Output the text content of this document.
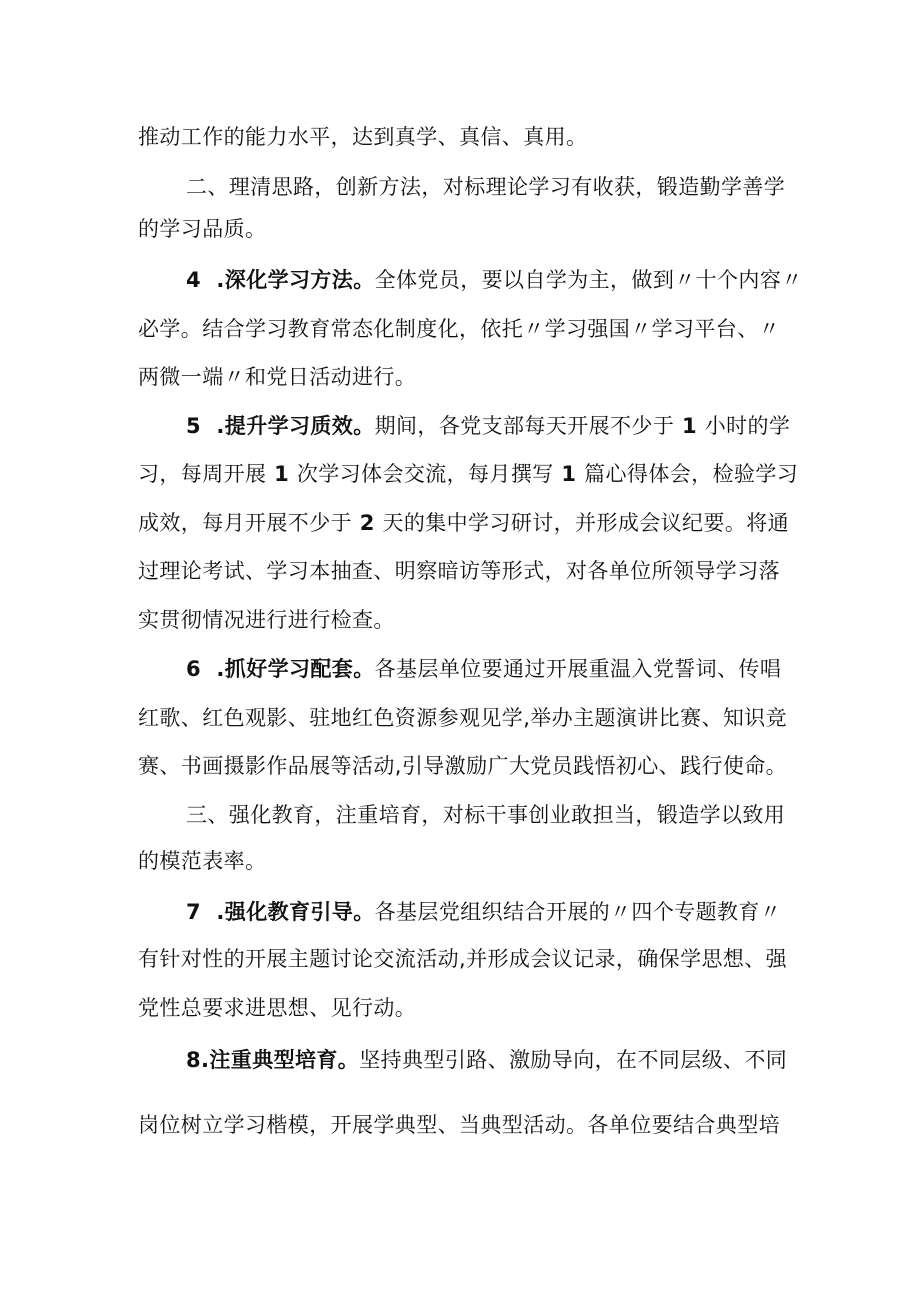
推动工作的能力水平，达到真学、真信、真用。
二、理清思路，创新方法，对标理论学习有收获，锻造勤学善学
的学习品质。
4  .深化学习方法。全体党员，要以自学为主，做到〃十个内容〃
必学。结合学习教育常态化制度化，依托〃学习强国〃学习平台、〃
两微一端〃和党日活动进行。
5  .提升学习质效。期间，各党支部每天开展不少于 1 小时的学
习，每周开展 1 次学习体会交流，每月撰写 1 篇心得体会，检验学习
成效，每月开展不少于 2 天的集中学习研讨，并形成会议纪要。将通
过理论考试、学习本抽查、明察暗访等形式，对各单位所领导学习落
实贯彻情况进行进行检查。
6  .抓好学习配套。各基层单位要通过开展重温入党誓词、传唱
红歌、红色观影、驻地红色资源参观见学,举办主题演讲比赛、知识竞
赛、书画摄影作品展等活动,引导激励广大党员践悟初心、践行使命。
三、强化教育，注重培育，对标干事创业敢担当，锻造学以致用
的模范表率。
7  .强化教育引导。各基层党组织结合开展的〃四个专题教育〃
有针对性的开展主题讨论交流活动,并形成会议记录，确保学思想、强
党性总要求进思想、见行动。
8.注重典型培育。坚持典型引路、激励导向，在不同层级、不同
岗位树立学习楷模，开展学典型、当典型活动。各单位要结合典型培
